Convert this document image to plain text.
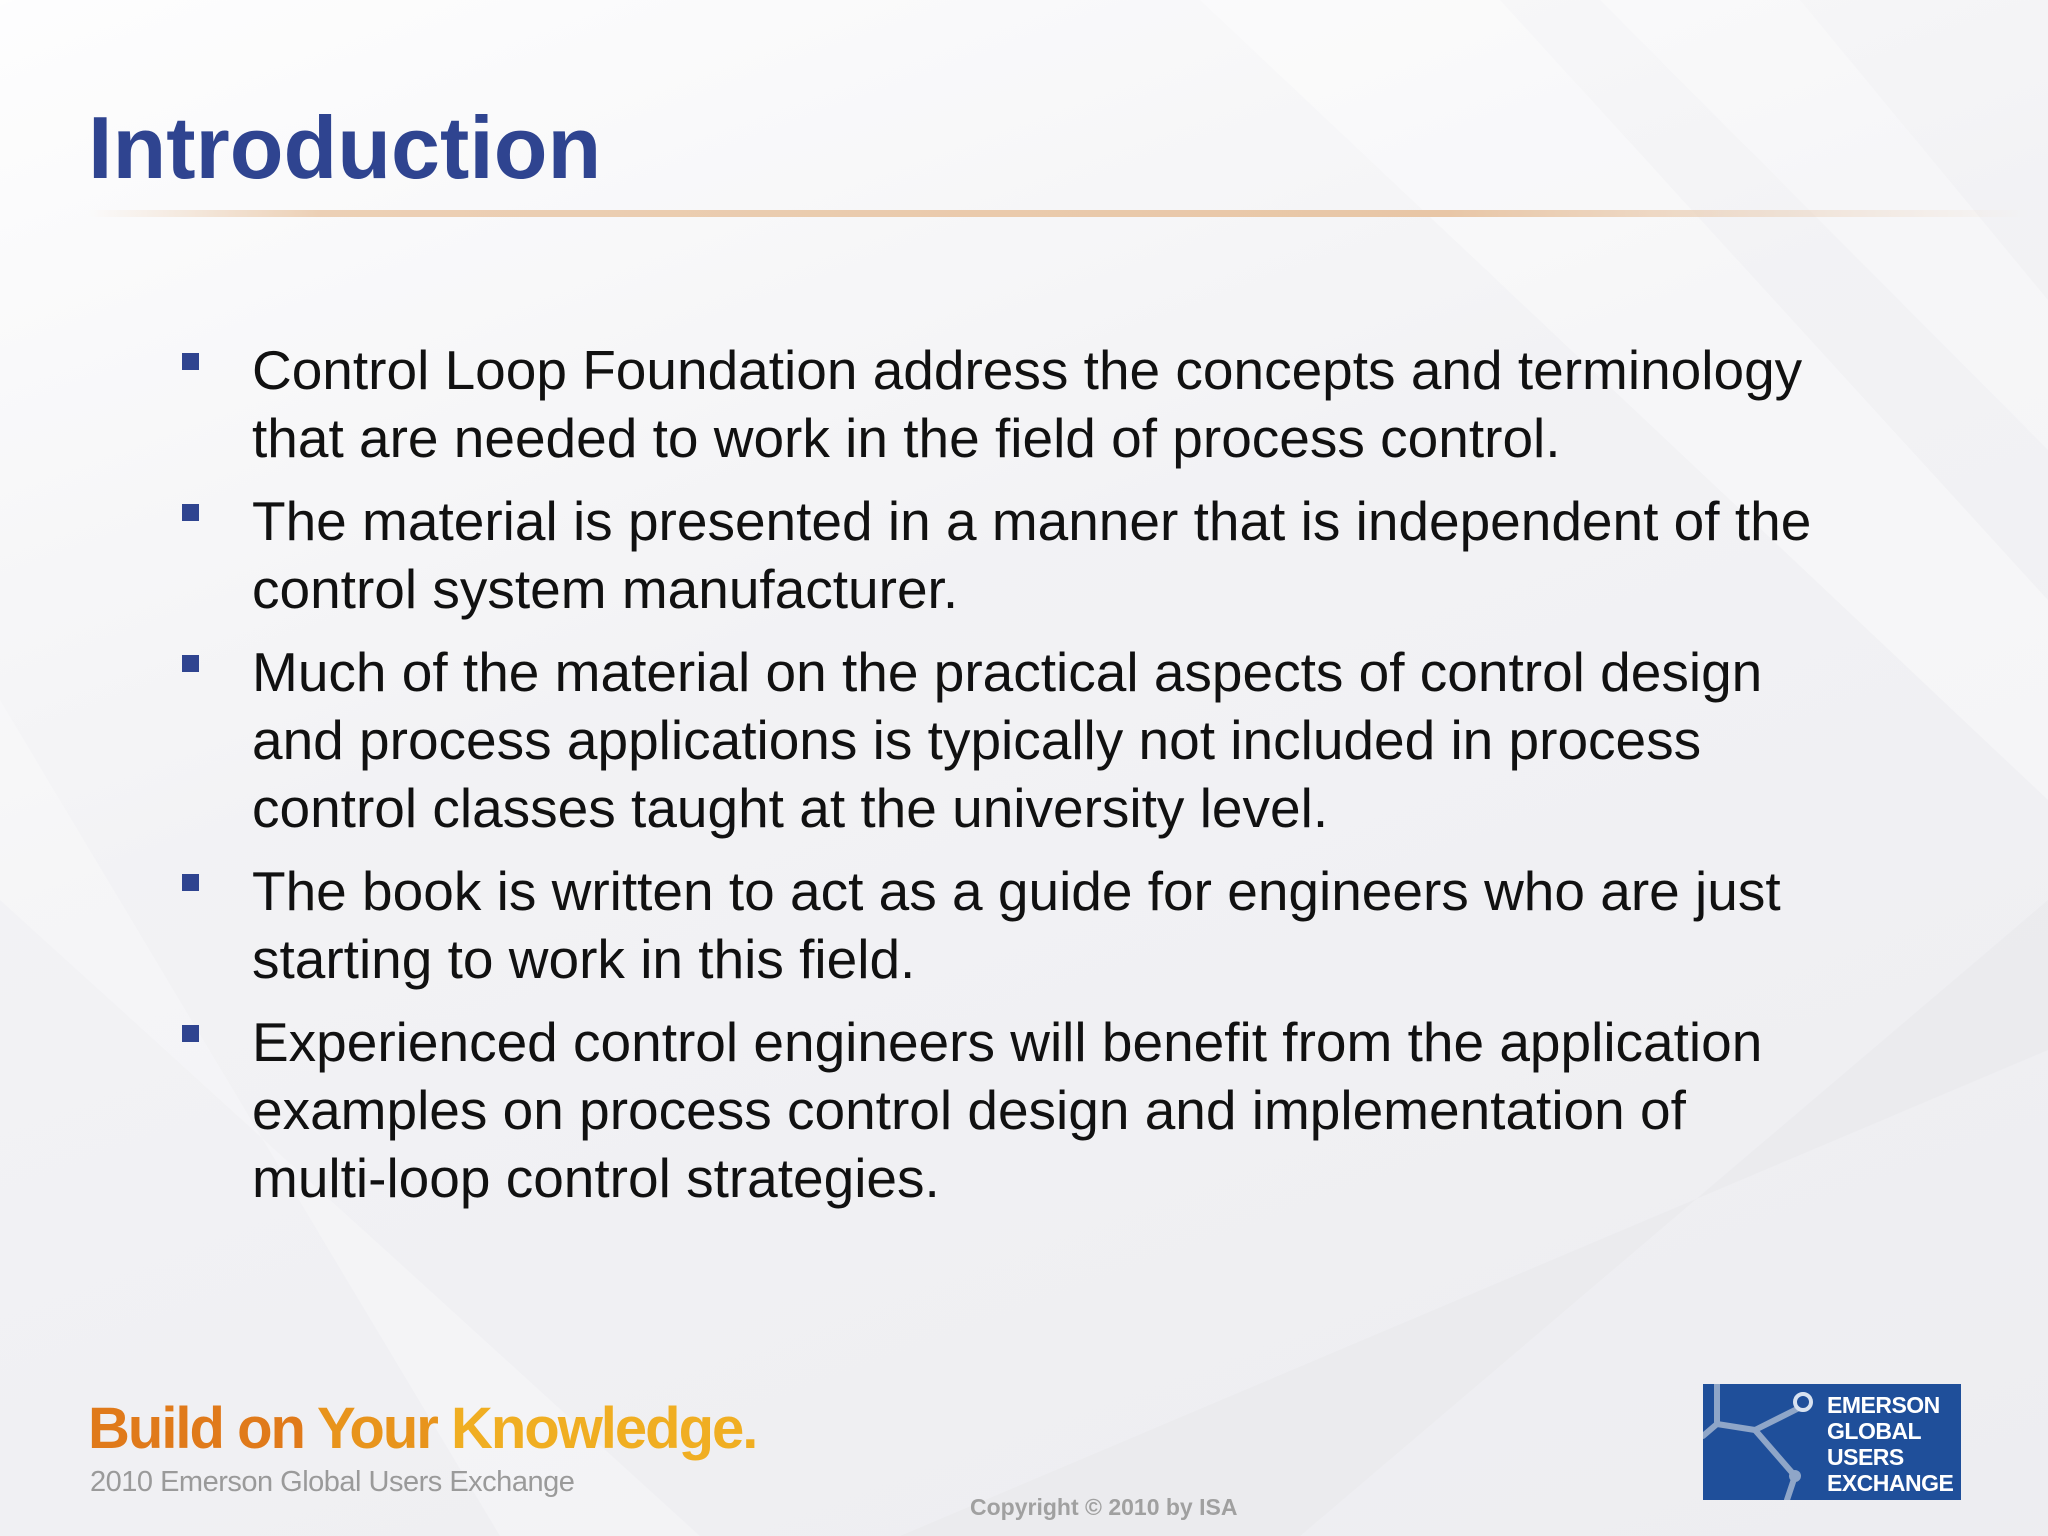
Introduction
Control Loop Foundation address the concepts and terminology that are needed to work in the field of process control.
The material is presented in a manner that is independent of the control system manufacturer.
Much of the material on the practical aspects of control design and process applications is typically not included in process control classes taught at the university level.
The book is written to act as a guide for engineers who are just starting to work in this field.
Experienced control engineers will benefit from the application examples on process control design and implementation of multi-loop control strategies.
Build on Your Knowledge.
2010 Emerson Global Users Exchange
Copyright © 2010 by ISA
EMERSON
GLOBAL
USERS
EXCHANGE
